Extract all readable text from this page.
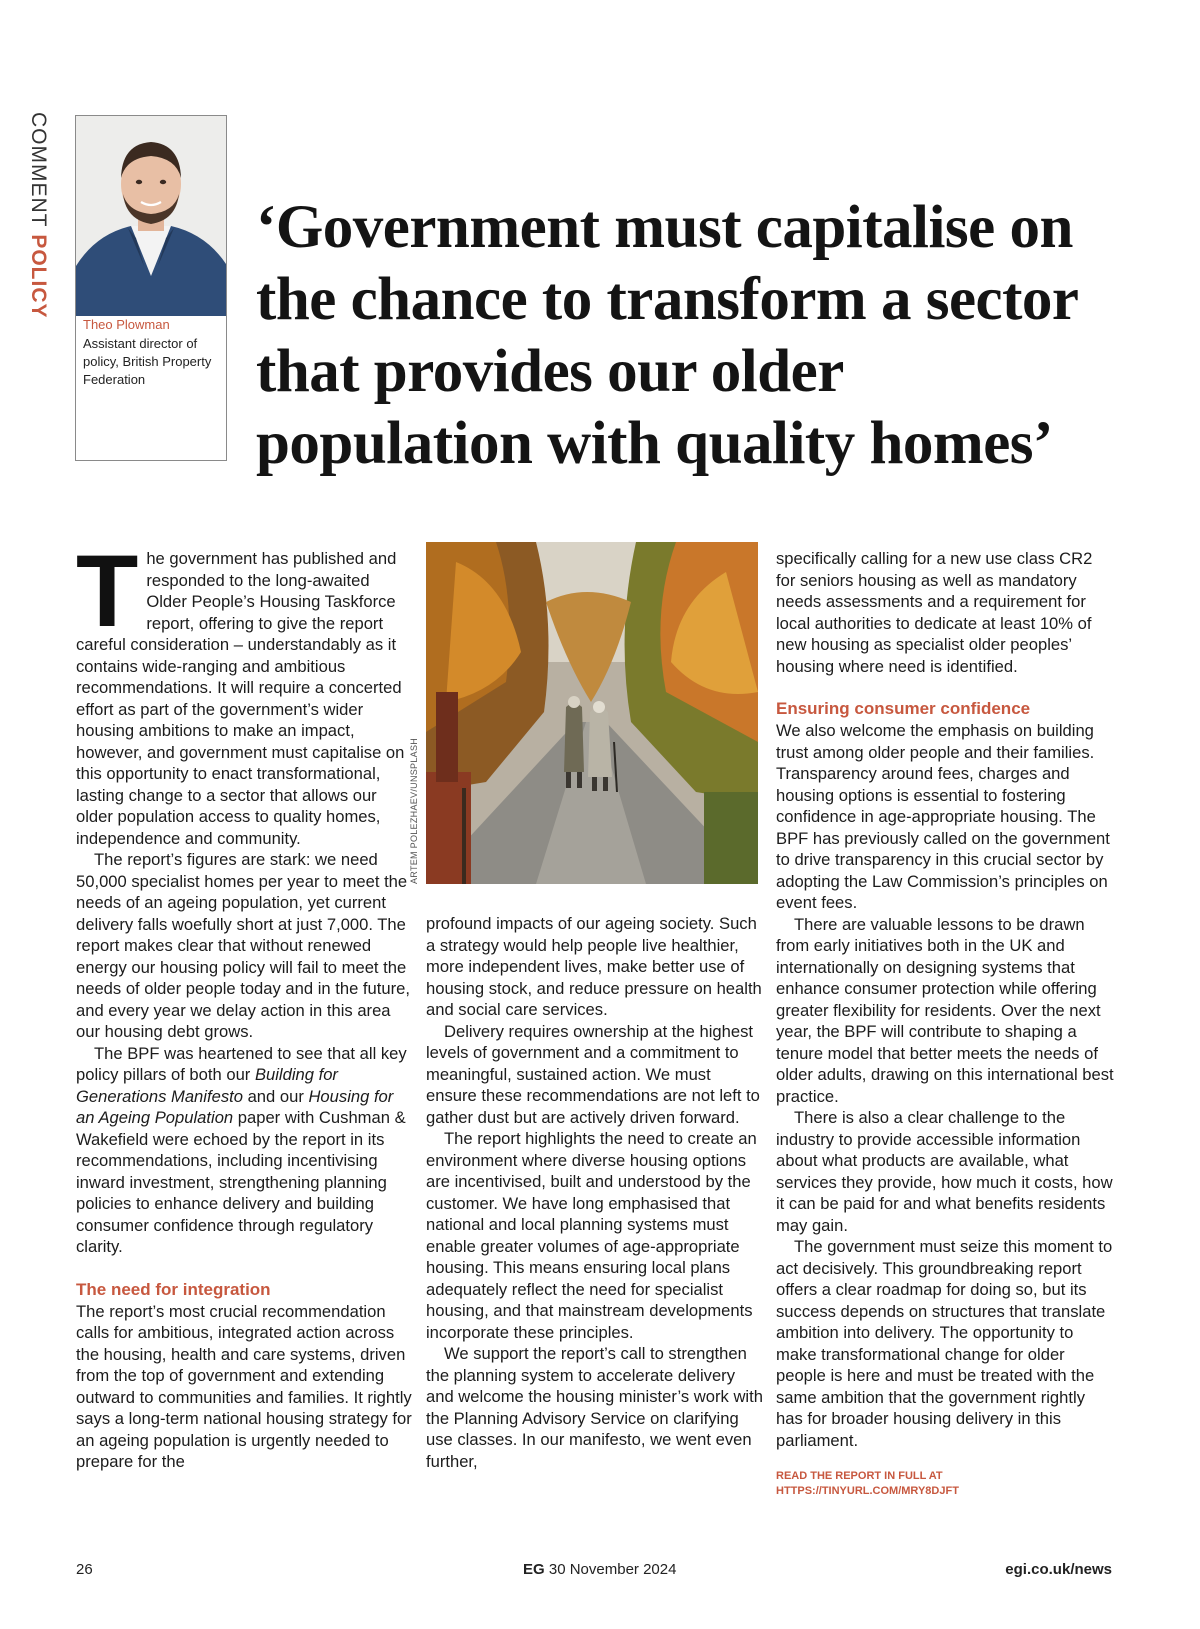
COMMENT POLICY
Theo Plowman
Assistant director of policy, British Property Federation
‘Government must capitalise on the chance to transform a sector that provides our older population with quality homes’

The government has published and responded to the long-awaited Older People’s Housing Taskforce report, offering to give the report careful consideration – understandably as it contains wide-ranging and ambitious recommendations. It will require a concerted effort as part of the government’s wider housing ambitions to make an impact, however, and government must capitalise on this opportunity to enact transformational, lasting change to a sector that allows our older population access to quality homes, independence and community.

The report’s figures are stark: we need 50,000 specialist homes per year to meet the needs of an ageing population, yet current delivery falls woefully short at just 7,000. The report makes clear that without renewed energy our housing policy will fail to meet the needs of older people today and in the future, and every year we delay action in this area our housing debt grows.

The BPF was heartened to see that all key policy pillars of both our Building for Generations Manifesto and our Housing for an Ageing Population paper with Cushman & Wakefield were echoed by the report in its recommendations, including incentivising inward investment, strengthening planning policies to enhance delivery and building consumer confidence through regulatory clarity.

The need for integration

The report’s most crucial recommendation calls for ambitious, integrated action across the housing, health and care systems, driven from the top of government and extending outward to communities and families. It rightly says a long-term national housing strategy for an ageing population is urgently needed to prepare for the

ARTEM POLEZHAEV/UNSPLASH

profound impacts of our ageing society. Such a strategy would help people live healthier, more independent lives, make better use of housing stock, and reduce pressure on health and social care services.

Delivery requires ownership at the highest levels of government and a commitment to meaningful, sustained action. We must ensure these recommendations are not left to gather dust but are actively driven forward.

The report highlights the need to create an environment where diverse housing options are incentivised, built and understood by the customer. We have long emphasised that national and local planning systems must enable greater volumes of age-appropriate housing. This means ensuring local plans adequately reflect the need for specialist housing, and that mainstream developments incorporate these principles.

We support the report’s call to strengthen the planning system to accelerate delivery and welcome the housing minister’s work with the Planning Advisory Service on clarifying use classes. In our manifesto, we went even further,

specifically calling for a new use class CR2 for seniors housing as well as mandatory needs assessments and a requirement for local authorities to dedicate at least 10% of new housing as specialist older peoples’ housing where need is identified.

Ensuring consumer confidence

We also welcome the emphasis on building trust among older people and their families. Transparency around fees, charges and housing options is essential to fostering confidence in age-appropriate housing. The BPF has previously called on the government to drive transparency in this crucial sector by adopting the Law Commission’s principles on event fees.

There are valuable lessons to be drawn from early initiatives both in the UK and internationally on designing systems that enhance consumer protection while offering greater flexibility for residents. Over the next year, the BPF will contribute to shaping a tenure model that better meets the needs of older adults, drawing on this international best practice.

There is also a clear challenge to the industry to provide accessible information about what products are available, what services they provide, how much it costs, how it can be paid for and what benefits residents may gain.

The government must seize this moment to act decisively. This groundbreaking report offers a clear roadmap for doing so, but its success depends on structures that translate ambition into delivery. The opportunity to make transformational change for older people is here and must be treated with the same ambition that the government rightly has for broader housing delivery in this parliament.

READ THE REPORT IN FULL AT
HTTPS://TINYURL.COM/MRY8DJFT
26	EG 30 November 2024	egi.co.uk/news
